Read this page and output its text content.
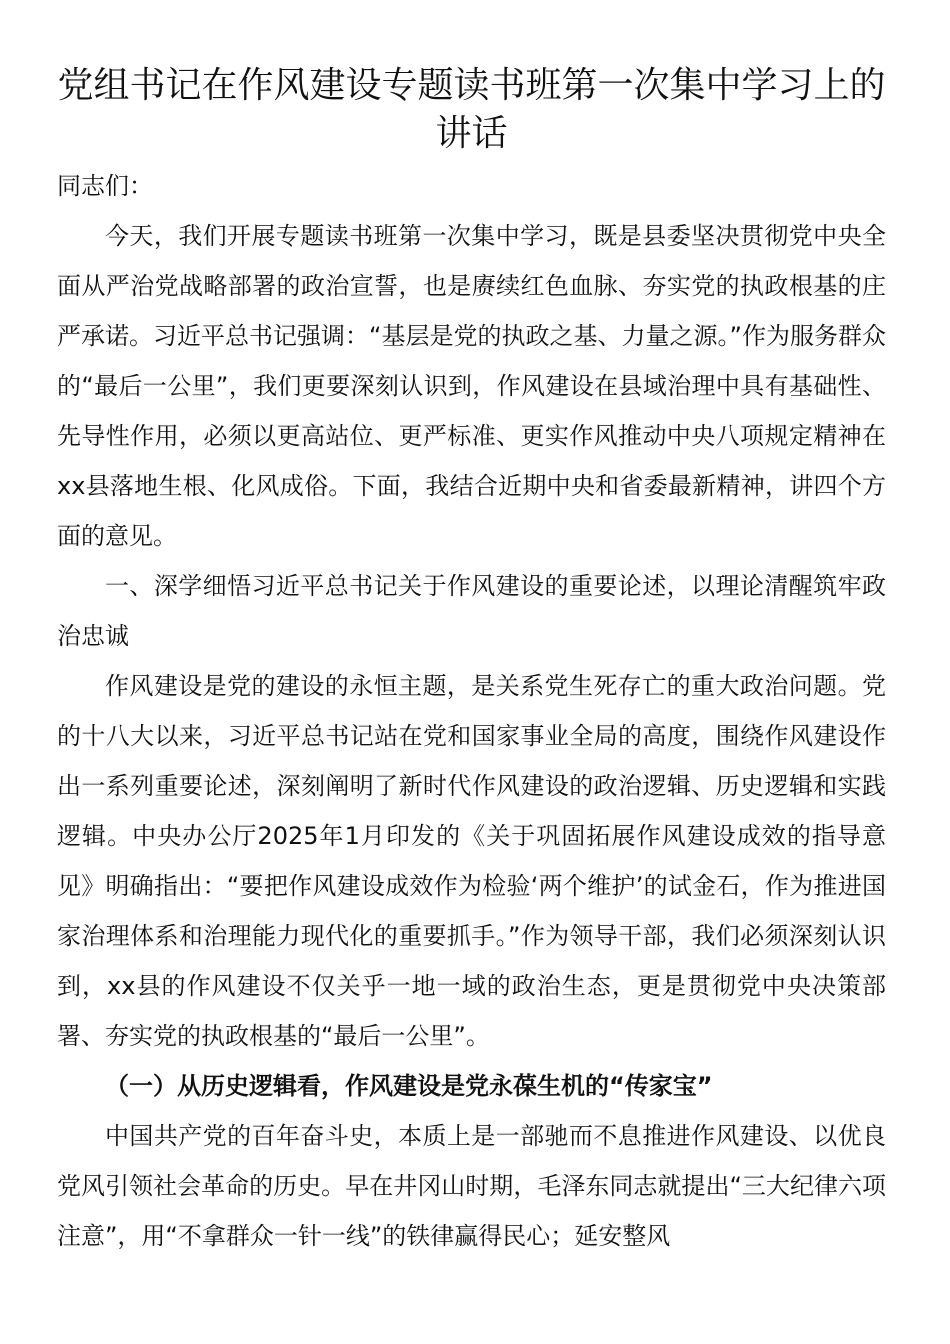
党组书记在作风建设专题读书班第一次集中学习上的讲话

同志们：

今天，我们开展专题读书班第一次集中学习，既是县委坚决贯彻党中央全面从严治党战略部署的政治宣誓，也是赓续红色血脉、夯实党的执政根基的庄严承诺。习近平总书记强调：“基层是党的执政之基、力量之源。”作为服务群众的“最后一公里”，我们更要深刻认识到，作风建设在县域治理中具有基础性、先导性作用，必须以更高站位、更严标准、更实作风推动中央八项规定精神在xx县落地生根、化风成俗。下面，我结合近期中央和省委最新精神，讲四个方面的意见。

一、深学细悟习近平总书记关于作风建设的重要论述，以理论清醒筑牢政治忠诚

作风建设是党的建设的永恒主题，是关系党生死存亡的重大政治问题。党的十八大以来，习近平总书记站在党和国家事业全局的高度，围绕作风建设作出一系列重要论述，深刻阐明了新时代作风建设的政治逻辑、历史逻辑和实践逻辑。中央办公厅2025年1月印发的《关于巩固拓展作风建设成效的指导意见》明确指出：“要把作风建设成效作为检验‘两个维护’的试金石，作为推进国家治理体系和治理能力现代化的重要抓手。”作为领导干部，我们必须深刻认识到，xx县的作风建设不仅关乎一地一域的政治生态，更是贯彻党中央决策部署、夯实党的执政根基的“最后一公里”。

（一）从历史逻辑看，作风建设是党永葆生机的“传家宝”

中国共产党的百年奋斗史，本质上是一部驰而不息推进作风建设、以优良党风引领社会革命的历史。早在井冈山时期，毛泽东同志就提出“三大纪律六项注意”，用“不拿群众一针一线”的铁律赢得民心；延安整风
